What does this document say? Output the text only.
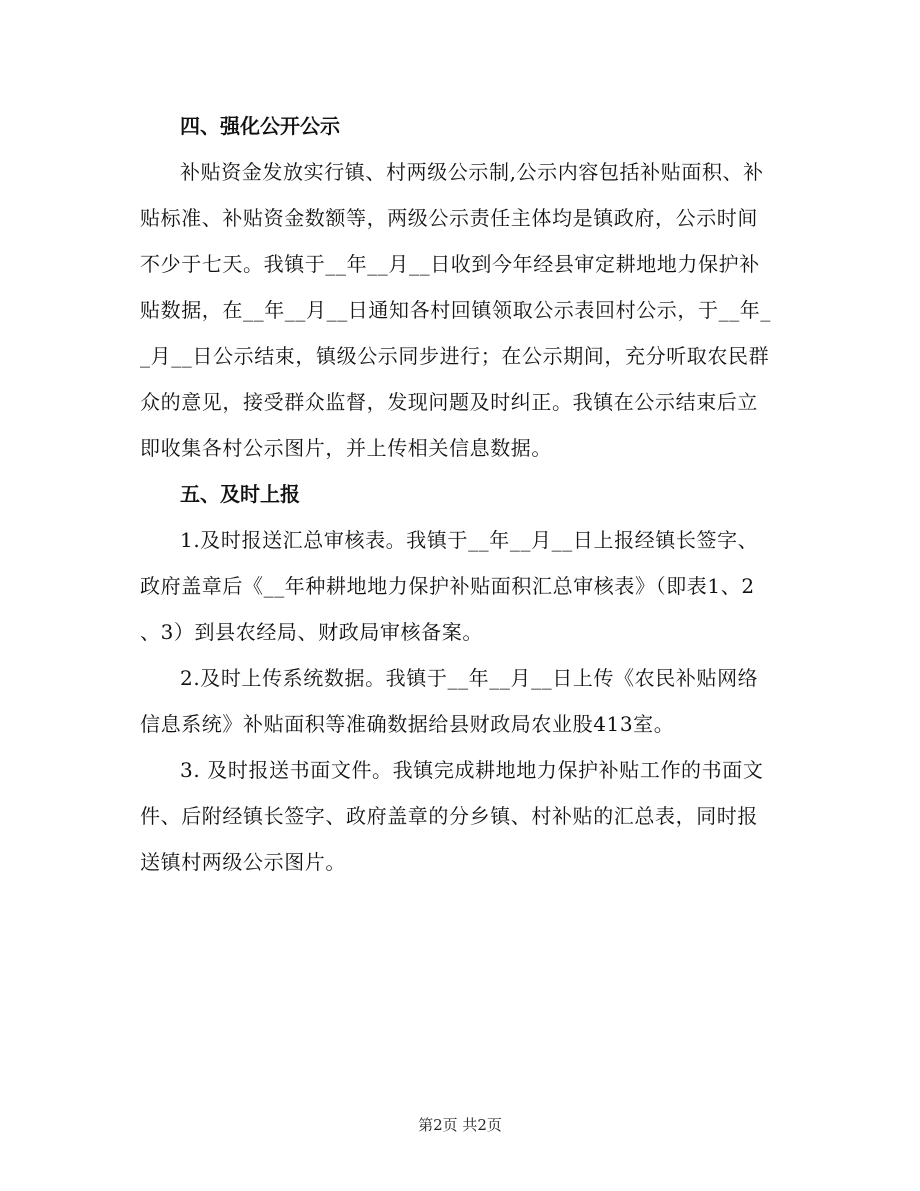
四、强化公开公示

补贴资金发放实行镇、村两级公示制,公示内容包括补贴面积、补

贴标准、补贴资金数额等，两级公示责任主体均是镇政府，公示时间

不少于七天。我镇于__年__月__日收到今年经县审定耕地地力保护补

贴数据，在__年__月__日通知各村回镇领取公示表回村公示，于__年_

_月__日公示结束，镇级公示同步进行；在公示期间，充分听取农民群

众的意见，接受群众监督，发现问题及时纠正。我镇在公示结束后立

即收集各村公示图片，并上传相关信息数据。

五、及时上报

1.及时报送汇总审核表。我镇于__年__月__日上报经镇长签字、

政府盖章后《__年种耕地地力保护补贴面积汇总审核表》（即表1、2

、3）到县农经局、财政局审核备案。

2.及时上传系统数据。我镇于__年__月__日上传《农民补贴网络

信息系统》补贴面积等准确数据给县财政局农业股413室。

3. 及时报送书面文件。我镇完成耕地地力保护补贴工作的书面文

件、后附经镇长签字、政府盖章的分乡镇、村补贴的汇总表，同时报

送镇村两级公示图片。

第2页 共2页
